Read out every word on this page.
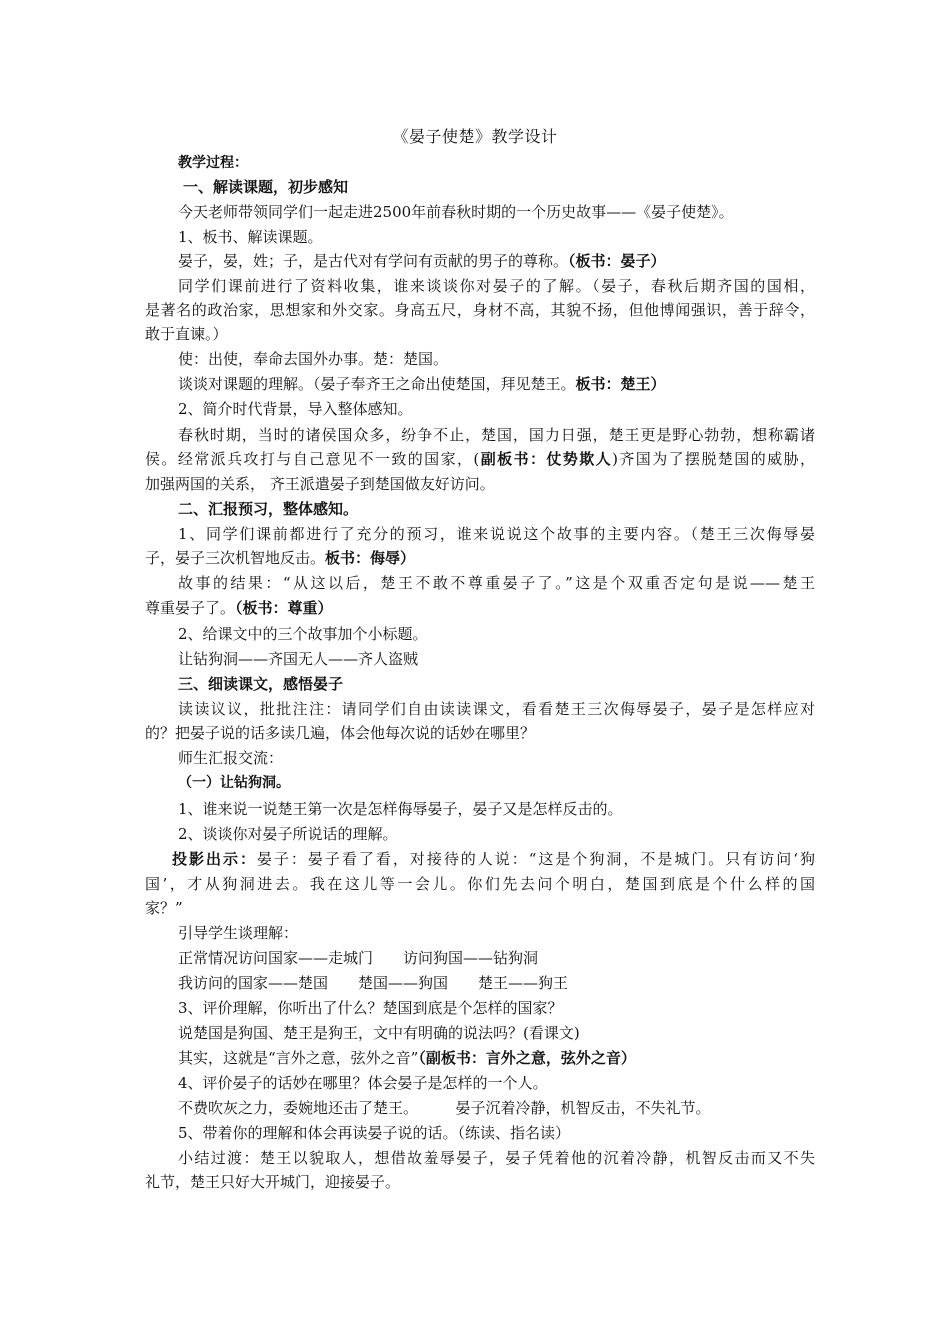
《晏子使楚》教学设计
教学过程：
一、解读课题，初步感知
今天老师带领同学们一起走进2500年前春秋时期的一个历史故事——《晏子使楚》。
1、板书、解读课题。
晏子，晏，姓；子，是古代对有学问有贡献的男子的尊称。（板书：晏子）
同学们课前进行了资料收集，谁来谈谈你对晏子的了解。（晏子，春秋后期齐国的国相，
是著名的政治家，思想家和外交家。身高五尺，身材不高，其貌不扬，但他博闻强识，善于辞令，
敢于直谏。）
使：出使，奉命去国外办事。楚：楚国。
谈谈对课题的理解。（晏子奉齐王之命出使楚国，拜见楚王。板书：楚王）
2、简介时代背景，导入整体感知。
春秋时期，当时的诸侯国众多，纷争不止，楚国，国力日强，楚王更是野心勃勃，想称霸诸
侯。经常派兵攻打与自己意见不一致的国家，(副板书：仗势欺人)齐国为了摆脱楚国的威胁，
加强两国的关系， 齐王派遣晏子到楚国做友好访问。
二、汇报预习，整体感知。
1、同学们课前都进行了充分的预习，谁来说说这个故事的主要内容。（楚王三次侮辱晏
子，晏子三次机智地反击。板书：侮辱）
故事的结果：“从这以后，楚王不敢不尊重晏子了。”这是个双重否定句是说——楚王
尊重晏子了。（板书：尊重）
2、给课文中的三个故事加个小标题。
让钻狗洞——齐国无人——齐人盗贼
三、细读课文，感悟晏子
读读议议，批批注注：请同学们自由读读课文，看看楚王三次侮辱晏子，晏子是怎样应对
的？把晏子说的话多读几遍，体会他每次说的话妙在哪里？
师生汇报交流：
（一）让钻狗洞。
1、谁来说一说楚王第一次是怎样侮辱晏子，晏子又是怎样反击的。
2、谈谈你对晏子所说话的理解。
投影出示：晏子：晏子看了看，对接待的人说：“这是个狗洞，不是城门。只有访问‘狗
国’，才从狗洞进去。我在这儿等一会儿。你们先去问个明白，楚国到底是个什么样的国
家？”
引导学生谈理解：
正常情况访问国家——走城门　　访问狗国——钻狗洞
我访问的国家——楚国　　楚国——狗国　　楚王——狗王
3、评价理解，你听出了什么？楚国到底是个怎样的国家？
说楚国是狗国、楚王是狗王，文中有明确的说法吗？(看课文)
其实，这就是“言外之意，弦外之音”（副板书：言外之意，弦外之音）
4、评价晏子的话妙在哪里？体会晏子是怎样的一个人。
不费吹灰之力，委婉地还击了楚王。　　　晏子沉着冷静，机智反击，不失礼节。
5、带着你的理解和体会再读晏子说的话。（练读、指名读）
小结过渡：楚王以貌取人，想借故羞辱晏子，晏子凭着他的沉着冷静，机智反击而又不失
礼节，楚王只好大开城门，迎接晏子。
